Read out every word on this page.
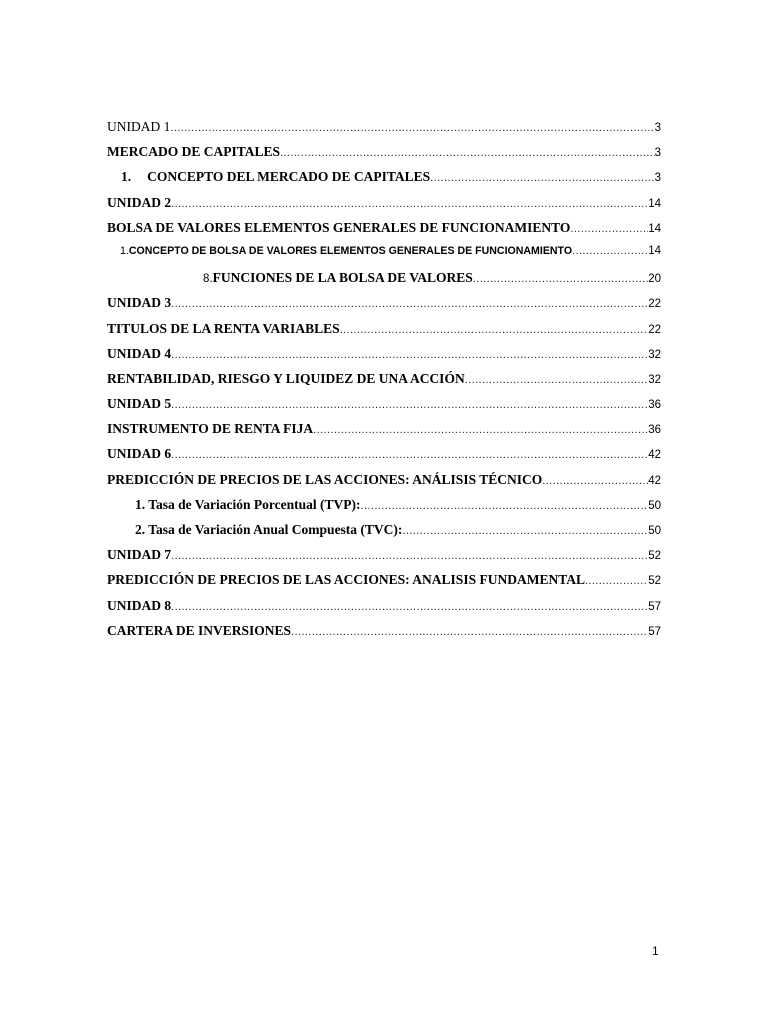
UNIDAD 1 .....	3
MERCADO DE CAPITALES .....	3
1. CONCEPTO DEL MERCADO DE CAPITALES .....	3
UNIDAD 2 .....	14
BOLSA DE VALORES ELEMENTOS GENERALES DE FUNCIONAMIENTO .....	14
1. CONCEPTO DE BOLSA DE VALORES ELEMENTOS GENERALES DE FUNCIONAMIENTO .....	14
8. FUNCIONES DE LA BOLSA DE VALORES .....	20
UNIDAD 3 .....	22
TITULOS DE LA RENTA VARIABLES .....	22
UNIDAD 4 .....	32
RENTABILIDAD, RIESGO Y LIQUIDEZ DE UNA ACCIÓN .....	32
UNIDAD 5 .....	36
INSTRUMENTO DE RENTA FIJA .....	36
UNIDAD 6 .....	42
PREDICCIÓN DE PRECIOS DE LAS ACCIONES: ANÁLISIS TÉCNICO .....	42
1. Tasa de Variación Porcentual (TVP): .....	50
2. Tasa de Variación Anual Compuesta (TVC): .....	50
UNIDAD 7 .....	52
PREDICCIÓN DE PRECIOS DE LAS ACCIONES: ANALISIS FUNDAMENTAL .....	52
UNIDAD 8 .....	57
CARTERA DE INVERSIONES .....	57
1
